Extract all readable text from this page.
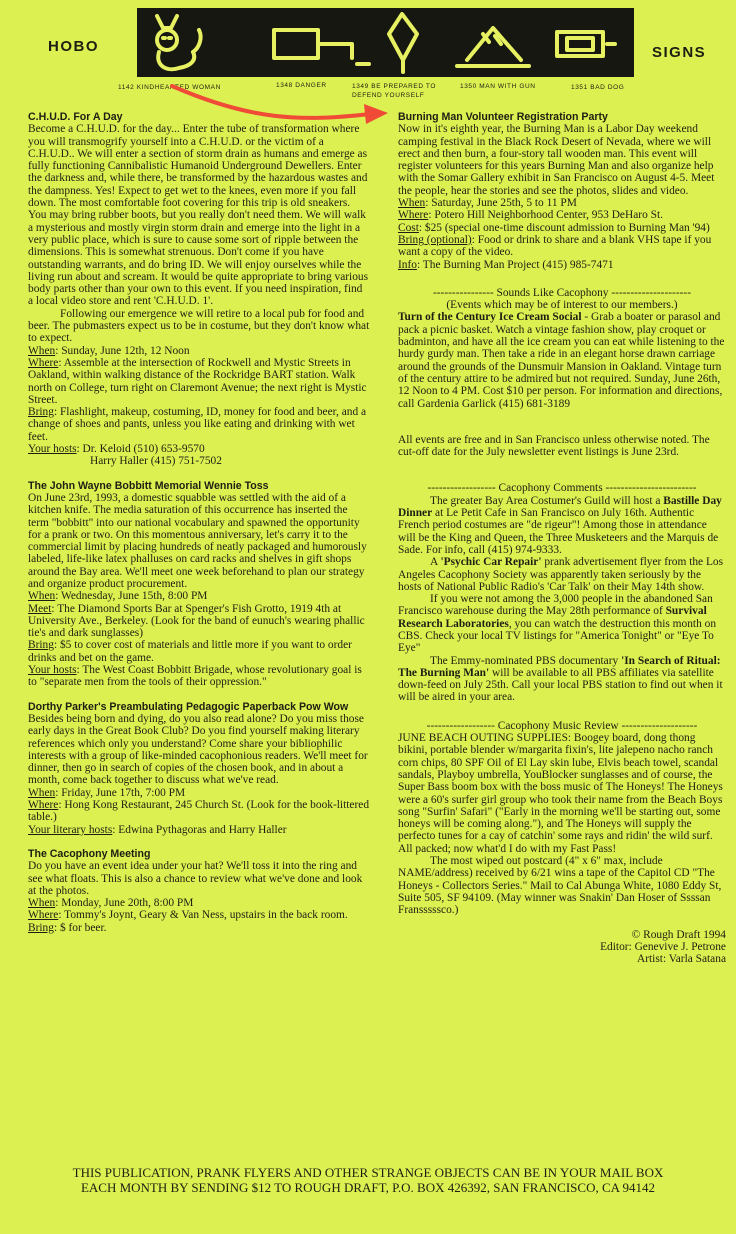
HOBO	SIGNS
1142 KINDHEARTED WOMAN	1348 DANGER	1349 BE PREPARED TO DEFEND YOURSELF
1350 MAN WITH GUN	1351 BAD DOG
C.H.U.D. For A Day

Become a C.H.U.D. for the day... Enter the tube of transformation where you will transmogrify yourself into a C.H.U.D. or the victim of a C.H.U.D.. We will enter a section of storm drain as humans and emerge as fully functioning Cannibalistic Humanoid Underground Dewellers. Enter the darkness and, while there, be transformed by the hazardous wastes and the dampness. Yes! Expect to get wet to the knees, even more if you fall down. The most comfortable foot covering for this trip is old sneakers. You may bring rubber boots, but you really don't need them. We will walk a mysterious and mostly virgin storm drain and emerge into the light in a very public place, which is sure to cause some sort of ripple between the dimensions. This is somewhat strenuous. Don't come if you have outstanding warrants, and do bring ID. We will enjoy ourselves while the living run about and scream. It would be quite appropriate to bring various body parts other than your own to this event. If you need inspiration, find a local video store and rent 'C.H.U.D. 1'.

Following our emergence we will retire to a local pub for food and beer. The pubmasters expect us to be in costume, but they don't know what to expect.

When: Sunday, June 12th, 12 Noon

Where: Assemble at the intersection of Rockwell and Mystic Streets in Oakland, within walking distance of the Rockridge BART station. Walk north on College, turn right on Claremont Avenue; the next right is Mystic Street.

Bring: Flashlight, makeup, costuming, ID, money for food and beer, and a change of shoes and pants, unless you like eating and drinking with wet feet.

Your hosts: Dr. Keloid (510) 653-9570

Harry Haller (415) 751-7502

The John Wayne Bobbitt Memorial Wennie Toss

On June 23rd, 1993, a domestic squabble was settled with the aid of a kitchen knife. The media saturation of this occurrence has inserted the term "bobbitt" into our national vocabulary and spawned the opportunity for a prank or two. On this momentous anniversary, let's carry it to the commercial limit by placing hundreds of neatly packaged and humorously labeled, life-like latex phalluses on card racks and shelves in gift shops around the Bay area. We'll meet one week beforehand to plan our strategy and organize product procurement.

When: Wednesday, June 15th, 8:00 PM

Meet: The Diamond Sports Bar at Spenger's Fish Grotto, 1919 4th at University Ave., Berkeley. (Look for the band of eunuch's wearing phallic tie's and dark sunglasses)

Bring: $5 to cover cost of materials and little more if you want to order drinks and bet on the game.

Your hosts: The West Coast Bobbitt Brigade, whose revolutionary goal is to "separate men from the tools of their oppression."

Dorthy Parker's Preambulating Pedagogic Paperback Pow Wow

Besides being born and dying, do you also read alone? Do you miss those early days in the Great Book Club? Do you find yourself making literary references which only you understand? Come share your bibliophilic interests with a group of like-minded cacophonious readers. We'll meet for dinner, then go in search of copies of the chosen book, and in about a month, come back together to discuss what we've read.

When: Friday, June 17th, 7:00 PM

Where: Hong Kong Restaurant, 245 Church St. (Look for the book-littered table.)

Your literary hosts: Edwina Pythagoras and Harry Haller

The Cacophony Meeting

Do you have an event idea under your hat? We'll toss it into the ring and see what floats. This is also a chance to review what we've done and look at the photos.

When: Monday, June 20th, 8:00 PM

Where: Tommy's Joynt, Geary & Van Ness, upstairs in the back room.

Bring: $ for beer.

Burning Man Volunteer Registration Party

Now in it's eighth year, the Burning Man is a Labor Day weekend camping festival in the Black Rock Desert of Nevada, where we will erect and then burn, a four-story tall wooden man. This event will register volunteers for this years Burning Man and also organize help with the Somar Gallery exhibit in San Francisco on August 4-5. Meet the people, hear the stories and see the photos, slides and video.

When: Saturday, June 25th, 5 to 11 PM

Where: Potero Hill Neighborhood Center, 953 DeHaro St.

Cost: $25 (special one-time discount admission to Burning Man '94)

Bring (optional): Food or drink to share and a blank VHS tape if you want a copy of the video.

Info: The Burning Man Project (415) 985-7471

---------------- Sounds Like Cacophony ---------------------

(Events which may be of interest to our members.)

Turn of the Century Ice Cream Social - Grab a boater or parasol and pack a picnic basket. Watch a vintage fashion show, play croquet or badminton, and have all the ice cream you can eat while listening to the hurdy gurdy man. Then take a ride in an elegant horse drawn carriage around the grounds of the Dunsmuir Mansion in Oakland. Vintage turn of the century attire to be admired but not required. Sunday, June 26th, 12 Noon to 4 PM. Cost $10 per person. For information and directions, call Gardenia Garlick (415) 681-3189

All events are free and in San Francisco unless otherwise noted. The cut-off date for the July newsletter event listings is June 23rd.

------------------ Cacophony Comments ------------------------

The greater Bay Area Costumer's Guild will host a Bastille Day Dinner at Le Petit Cafe in San Francisco on July 16th. Authentic French period costumes are "de rigeur"! Among those in attendance will be the King and Queen, the Three Musketeers and the Marquis de Sade. For info, call (415) 974-9333.

A 'Psychic Car Repair' prank advertisement flyer from the Los Angeles Cacophony Society was apparently taken seriously by the hosts of National Public Radio's 'Car Talk' on their May 14th show.

If you were not among the 3,000 people in the abandoned San Francisco warehouse during the May 28th performance of Survival Research Laboratories, you can watch the destruction this month on CBS. Check your local TV listings for "America Tonight" or "Eye To Eye"

The Emmy-nominated PBS documentary 'In Search of Ritual: The Burning Man' will be available to all PBS affiliates via satellite down-feed on July 25th. Call your local PBS station to find out when it will be aired in your area.

------------------ Cacophony Music Review --------------------

JUNE BEACH OUTING SUPPLIES: Boogey board, dong thong bikini, portable blender w/margarita fixin's, lite jalepeno nacho ranch corn chips, 80 SPF Oil of El Lay skin lube, Elvis beach towel, scandal sandals, Playboy umbrella, YouBlocker sunglasses and of course, the Super Bass boom box with the boss music of The Honeys! The Honeys were a 60's surfer girl group who took their name from the Beach Boys song "Surfin' Safari" ("Early in the morning we'll be starting out, some honeys will be coming along."), and The Honeys will supply the perfecto tunes for a cay of catchin' some rays and ridin' the wild surf. All packed; now what'd I do with my Fast Pass!

The most wiped out postcard (4" x 6" max, include NAME/address) received by 6/21 wins a tape of the Capitol CD "The Honeys - Collectors Series." Mail to Cal Abunga White, 1080 Eddy St, Suite 505, SF 94109. (May winner was Snakin' Dan Hoser of Ssssan Fransssssco.)

© Rough Draft 1994

Editor: Genevive J. Petrone

Artist: Varla Satana

THIS PUBLICATION, PRANK FLYERS AND OTHER STRANGE OBJECTS CAN BE IN YOUR MAIL BOX
EACH MONTH BY SENDING $12 TO ROUGH DRAFT, P.O. BOX 426392, SAN FRANCISCO, CA 94142
